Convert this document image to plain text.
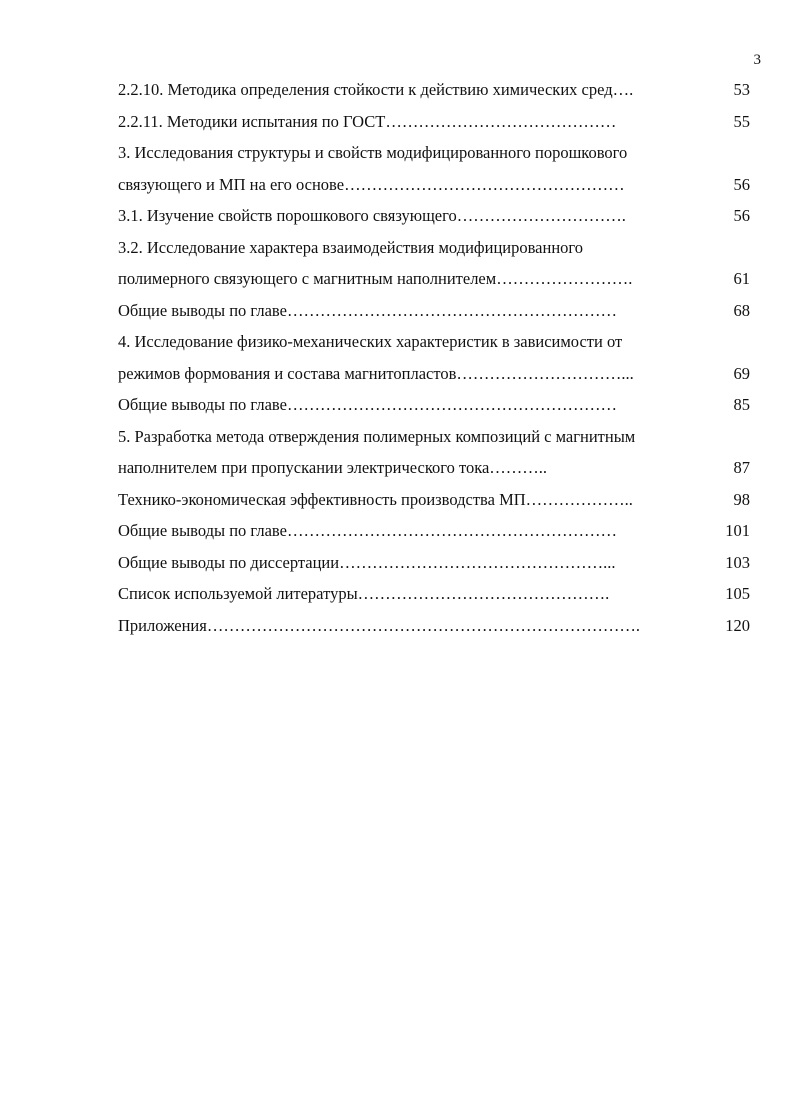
3
2.2.10. Методика определения стойкости к действию химических сред….	53
2.2.11. Методики испытания по ГОСТ……………………………………	55
3. Исследования структуры и свойств модифицированного порошкового
связующего и МП на его основе……………………………………………	56
3.1. Изучение свойств порошкового связующего………………………….	56
3.2. Исследование характера взаимодействия модифицированного
полимерного связующего с магнитным наполнителем…………………….	61
Общие выводы по главе……………………………………………………	68
4. Исследование физико-механических характеристик в зависимости от
режимов формования и состава магнитопластов…………………………...	69
Общие выводы по главе……………………………………………………	85
5. Разработка метода отверждения полимерных композиций с магнитным
наполнителем при пропускании электрического тока………..	87
Технико-экономическая эффективность производства МП………………..	98
Общие выводы по главе……………………………………………………	101
Общие выводы по диссертации…………………………………………...	103
Список используемой литературы……………………………………….	105
Приложения…………………………………………………………………….	120
